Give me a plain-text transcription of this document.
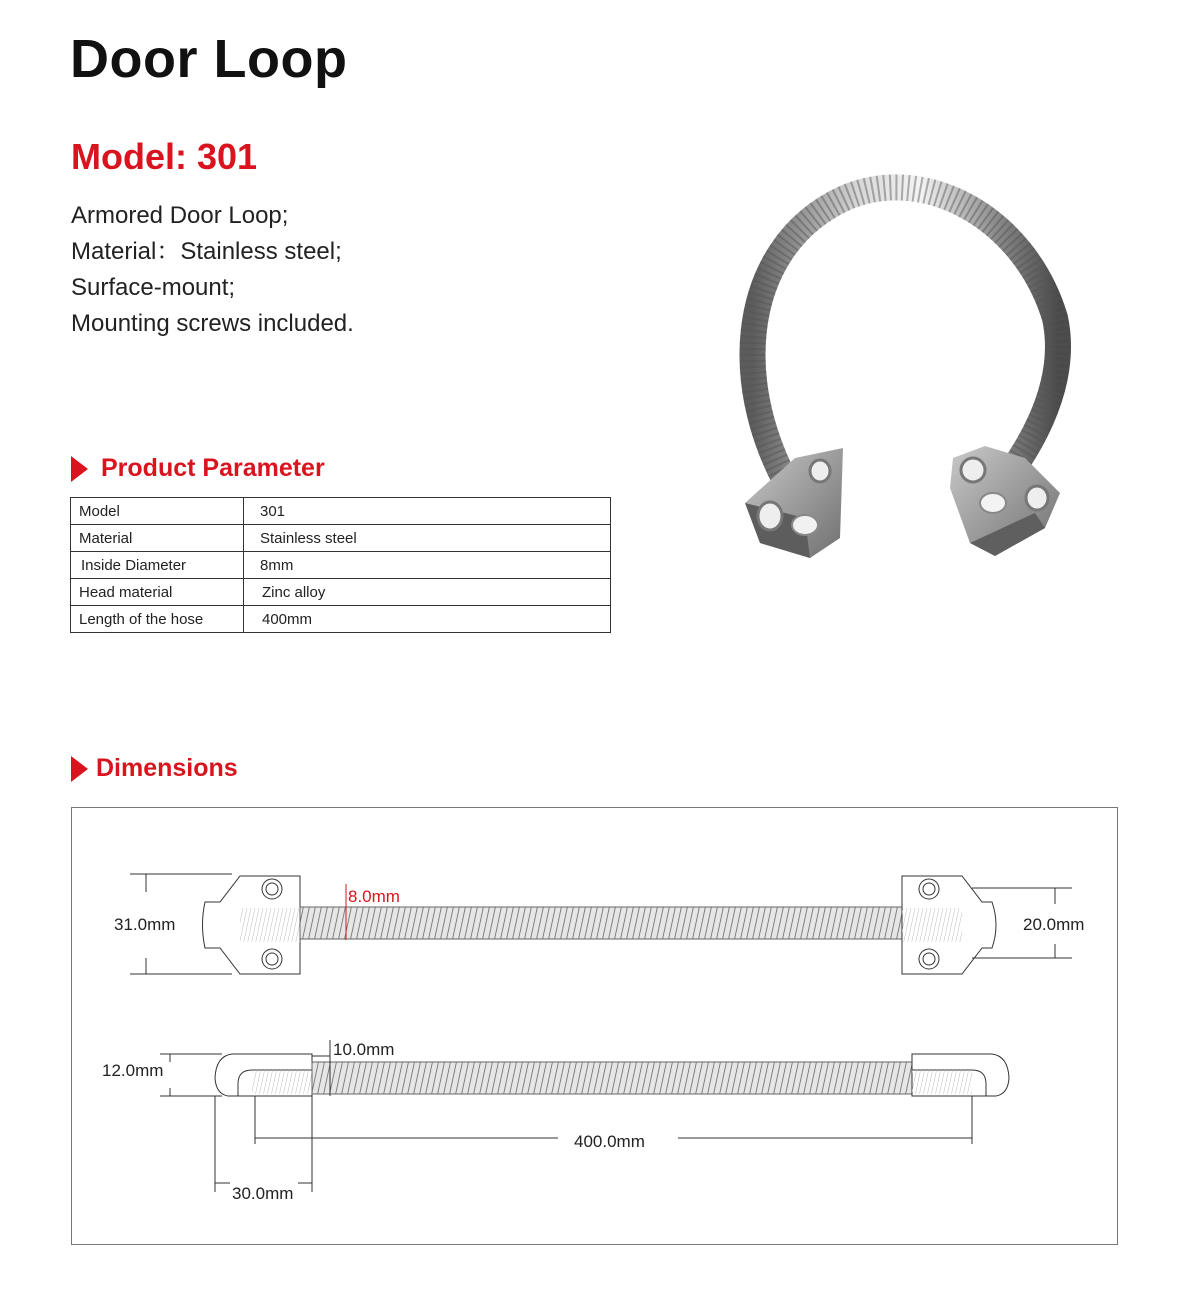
Door Loop
Model: 301
Armored Door Loop;
Material：Stainless steel;
Surface-mount;
Mounting screws included.
Product Parameter
Model	301
Material	Stainless steel
Inside Diameter	8mm
Head material	Zinc alloy
Length of the hose	400mm
Dimensions
31.0mm
8.0mm
20.0mm
12.0mm
10.0mm
400.0mm
30.0mm
